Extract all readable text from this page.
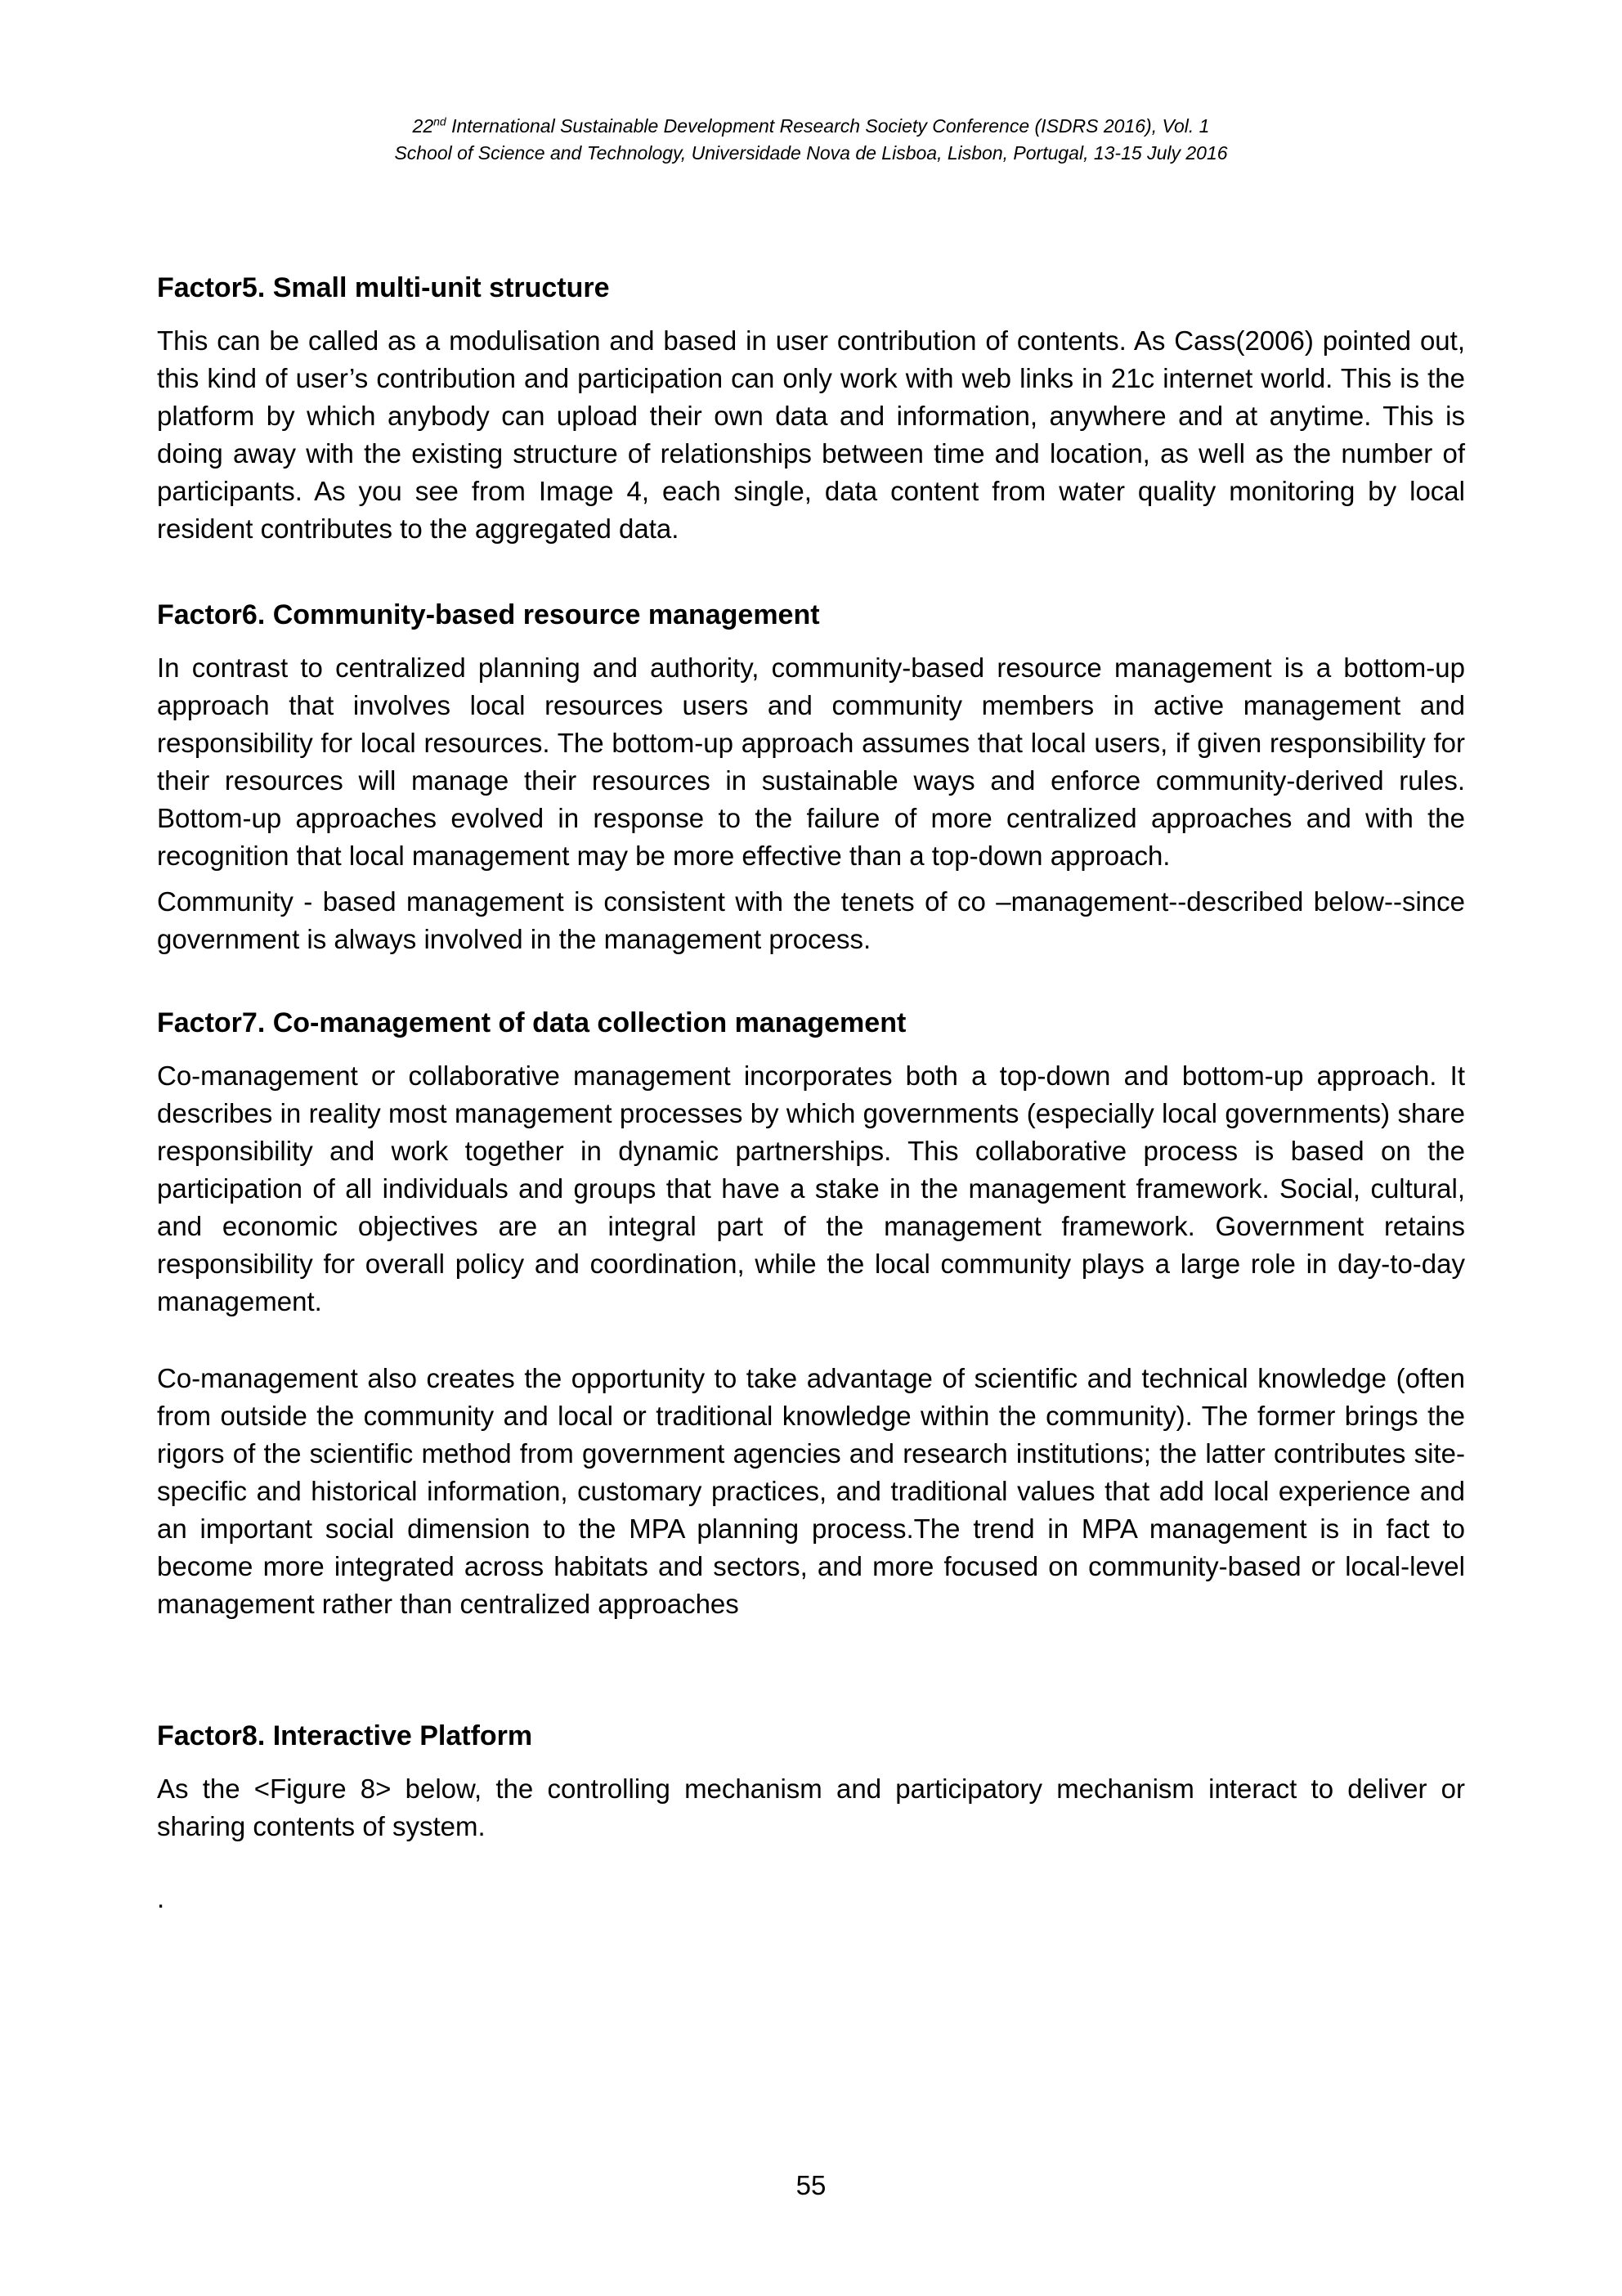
22nd International Sustainable Development Research Society Conference (ISDRS 2016), Vol. 1
School of Science and Technology, Universidade Nova de Lisboa, Lisbon, Portugal, 13-15 July 2016
Factor5. Small multi-unit structure

This can be called as a modulisation and based in user contribution of contents. As Cass(2006) pointed out, this kind of user’s contribution and participation can only work with web links in 21c internet world. This is the platform by which anybody can upload their own data and information, anywhere and at anytime. This is doing away with the existing structure of relationships between time and location, as well as the number of participants. As you see from Image 4, each single, data content from water quality monitoring by local resident contributes to the aggregated data.

Factor6. Community-based resource management

In contrast to centralized planning and authority, community-based resource management is a bottom-up approach that involves local resources users and community members in active management and responsibility for local resources. The bottom-up approach assumes that local users, if given responsibility for their resources will manage their resources in sustainable ways and enforce community-derived rules. Bottom-up approaches evolved in response to the failure of more centralized approaches and with the recognition that local management may be more effective than a top-down approach.

Community - based management is consistent with the tenets of co –management--described below--since government is always involved in the management process.

Factor7. Co-management of data collection management

Co-management or collaborative management incorporates both a top-down and bottom-up approach. It describes in reality most management processes by which governments (especially local governments) share responsibility and work together in dynamic partnerships. This collaborative process is based on the participation of all individuals and groups that have a stake in the management framework. Social, cultural, and economic objectives are an integral part of the management framework. Government retains responsibility for overall policy and coordination, while the local community plays a large role in day-to-day management.

Co-management also creates the opportunity to take advantage of scientific and technical knowledge (often from outside the community and local or traditional knowledge within the community). The former brings the rigors of the scientific method from government agencies and research institutions; the latter contributes site-specific and historical information, customary practices, and traditional values that add local experience and an important social dimension to the MPA planning process.The trend in MPA management is in fact to become more integrated across habitats and sectors, and more focused on community-based or local-level management rather than centralized approaches

Factor8. Interactive Platform

As the <Figure 8> below, the controlling mechanism and participatory mechanism interact to deliver or sharing contents of system.

.

55
